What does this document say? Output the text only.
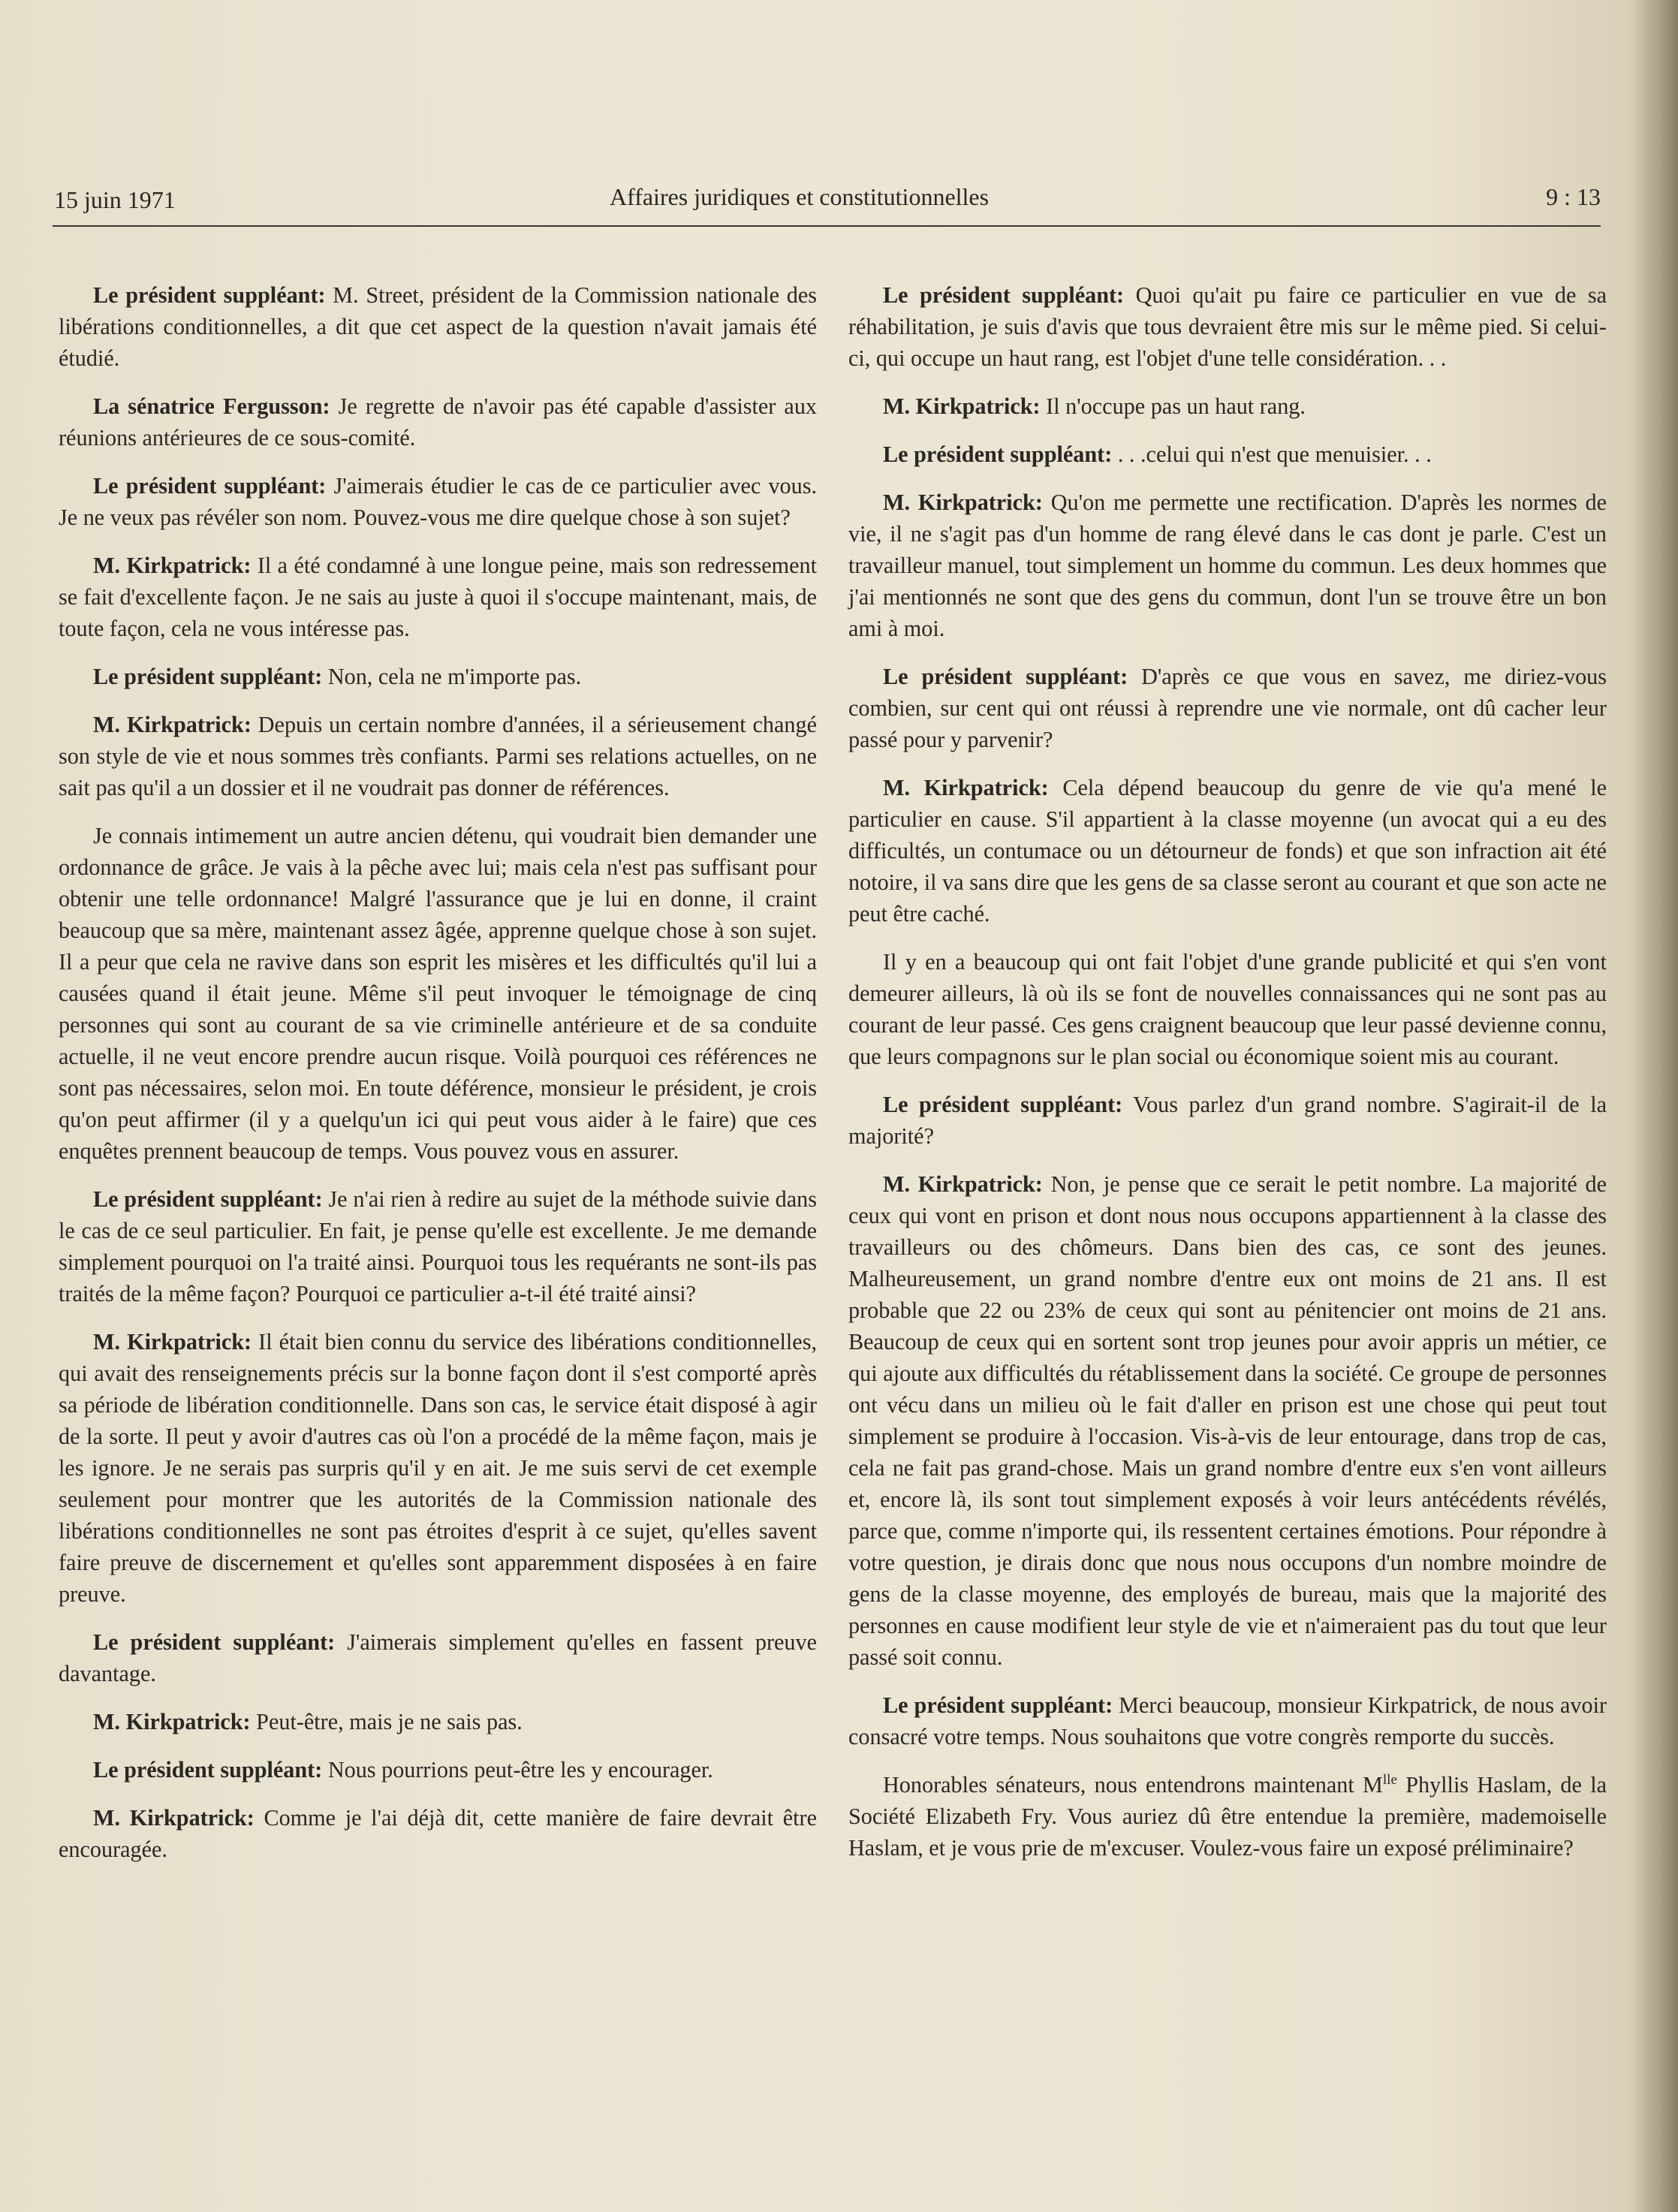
15 juin 1971	Affaires juridiques et constitutionnelles	9 : 13

Le président suppléant: M. Street, président de la Commission nationale des libérations conditionnelles, a dit que cet aspect de la question n'avait jamais été étudié.

La sénatrice Fergusson: Je regrette de n'avoir pas été capable d'assister aux réunions antérieures de ce sous-comité.

Le président suppléant: J'aimerais étudier le cas de ce particulier avec vous. Je ne veux pas révéler son nom. Pouvez-vous me dire quelque chose à son sujet?

M. Kirkpatrick: Il a été condamné à une longue peine, mais son redressement se fait d'excellente façon. Je ne sais au juste à quoi il s'occupe maintenant, mais, de toute façon, cela ne vous intéresse pas.

Le président suppléant: Non, cela ne m'importe pas.

M. Kirkpatrick: Depuis un certain nombre d'années, il a sérieusement changé son style de vie et nous sommes très confiants. Parmi ses relations actuelles, on ne sait pas qu'il a un dossier et il ne voudrait pas donner de références.

Je connais intimement un autre ancien détenu, qui voudrait bien demander une ordonnance de grâce. Je vais à la pêche avec lui; mais cela n'est pas suffisant pour obtenir une telle ordonnance! Malgré l'assurance que je lui en donne, il craint beaucoup que sa mère, maintenant assez âgée, apprenne quelque chose à son sujet. Il a peur que cela ne ravive dans son esprit les misères et les difficultés qu'il lui a causées quand il était jeune. Même s'il peut invoquer le témoignage de cinq personnes qui sont au courant de sa vie criminelle antérieure et de sa conduite actuelle, il ne veut encore prendre aucun risque. Voilà pourquoi ces références ne sont pas nécessaires, selon moi. En toute déférence, monsieur le président, je crois qu'on peut affirmer (il y a quelqu'un ici qui peut vous aider à le faire) que ces enquêtes prennent beaucoup de temps. Vous pouvez vous en assurer.

Le président suppléant: Je n'ai rien à redire au sujet de la méthode suivie dans le cas de ce seul particulier. En fait, je pense qu'elle est excellente. Je me demande simplement pourquoi on l'a traité ainsi. Pourquoi tous les requérants ne sont-ils pas traités de la même façon? Pourquoi ce particulier a-t-il été traité ainsi?

M. Kirkpatrick: Il était bien connu du service des libérations conditionnelles, qui avait des renseignements précis sur la bonne façon dont il s'est comporté après sa période de libération conditionnelle. Dans son cas, le service était disposé à agir de la sorte. Il peut y avoir d'autres cas où l'on a procédé de la même façon, mais je les ignore. Je ne serais pas surpris qu'il y en ait. Je me suis servi de cet exemple seulement pour montrer que les autorités de la Commission nationale des libérations conditionnelles ne sont pas étroites d'esprit à ce sujet, qu'elles savent faire preuve de discernement et qu'elles sont apparemment disposées à en faire preuve.

Le président suppléant: J'aimerais simplement qu'elles en fassent preuve davantage.

M. Kirkpatrick: Peut-être, mais je ne sais pas.

Le président suppléant: Nous pourrions peut-être les y encourager.

M. Kirkpatrick: Comme je l'ai déjà dit, cette manière de faire devrait être encouragée.

Le président suppléant: Quoi qu'ait pu faire ce particulier en vue de sa réhabilitation, je suis d'avis que tous devraient être mis sur le même pied. Si celui-ci, qui occupe un haut rang, est l'objet d'une telle considération. . .

M. Kirkpatrick: Il n'occupe pas un haut rang.

Le président suppléant: . . .celui qui n'est que menuisier. . .

M. Kirkpatrick: Qu'on me permette une rectification. D'après les normes de vie, il ne s'agit pas d'un homme de rang élevé dans le cas dont je parle. C'est un travailleur manuel, tout simplement un homme du commun. Les deux hommes que j'ai mentionnés ne sont que des gens du commun, dont l'un se trouve être un bon ami à moi.

Le président suppléant: D'après ce que vous en savez, me diriez-vous combien, sur cent qui ont réussi à reprendre une vie normale, ont dû cacher leur passé pour y parvenir?

M. Kirkpatrick: Cela dépend beaucoup du genre de vie qu'a mené le particulier en cause. S'il appartient à la classe moyenne (un avocat qui a eu des difficultés, un contumace ou un détourneur de fonds) et que son infraction ait été notoire, il va sans dire que les gens de sa classe seront au courant et que son acte ne peut être caché.

Il y en a beaucoup qui ont fait l'objet d'une grande publicité et qui s'en vont demeurer ailleurs, là où ils se font de nouvelles connaissances qui ne sont pas au courant de leur passé. Ces gens craignent beaucoup que leur passé devienne connu, que leurs compagnons sur le plan social ou économique soient mis au courant.

Le président suppléant: Vous parlez d'un grand nombre. S'agirait-il de la majorité?

M. Kirkpatrick: Non, je pense que ce serait le petit nombre. La majorité de ceux qui vont en prison et dont nous nous occupons appartiennent à la classe des travailleurs ou des chômeurs. Dans bien des cas, ce sont des jeunes. Malheureusement, un grand nombre d'entre eux ont moins de 21 ans. Il est probable que 22 ou 23% de ceux qui sont au pénitencier ont moins de 21 ans. Beaucoup de ceux qui en sortent sont trop jeunes pour avoir appris un métier, ce qui ajoute aux difficultés du rétablissement dans la société. Ce groupe de personnes ont vécu dans un milieu où le fait d'aller en prison est une chose qui peut tout simplement se produire à l'occasion. Vis-à-vis de leur entourage, dans trop de cas, cela ne fait pas grand-chose. Mais un grand nombre d'entre eux s'en vont ailleurs et, encore là, ils sont tout simplement exposés à voir leurs antécédents révélés, parce que, comme n'importe qui, ils ressentent certaines émotions. Pour répondre à votre question, je dirais donc que nous nous occupons d'un nombre moindre de gens de la classe moyenne, des employés de bureau, mais que la majorité des personnes en cause modifient leur style de vie et n'aimeraient pas du tout que leur passé soit connu.

Le président suppléant: Merci beaucoup, monsieur Kirkpatrick, de nous avoir consacré votre temps. Nous souhaitons que votre congrès remporte du succès.

Honorables sénateurs, nous entendrons maintenant $M^{lle}$ Phyllis Haslam, de la Société Elizabeth Fry. Vous auriez dû être entendue la première, mademoiselle Haslam, et je vous prie de m'excuser. Voulez-vous faire un exposé préliminaire?
